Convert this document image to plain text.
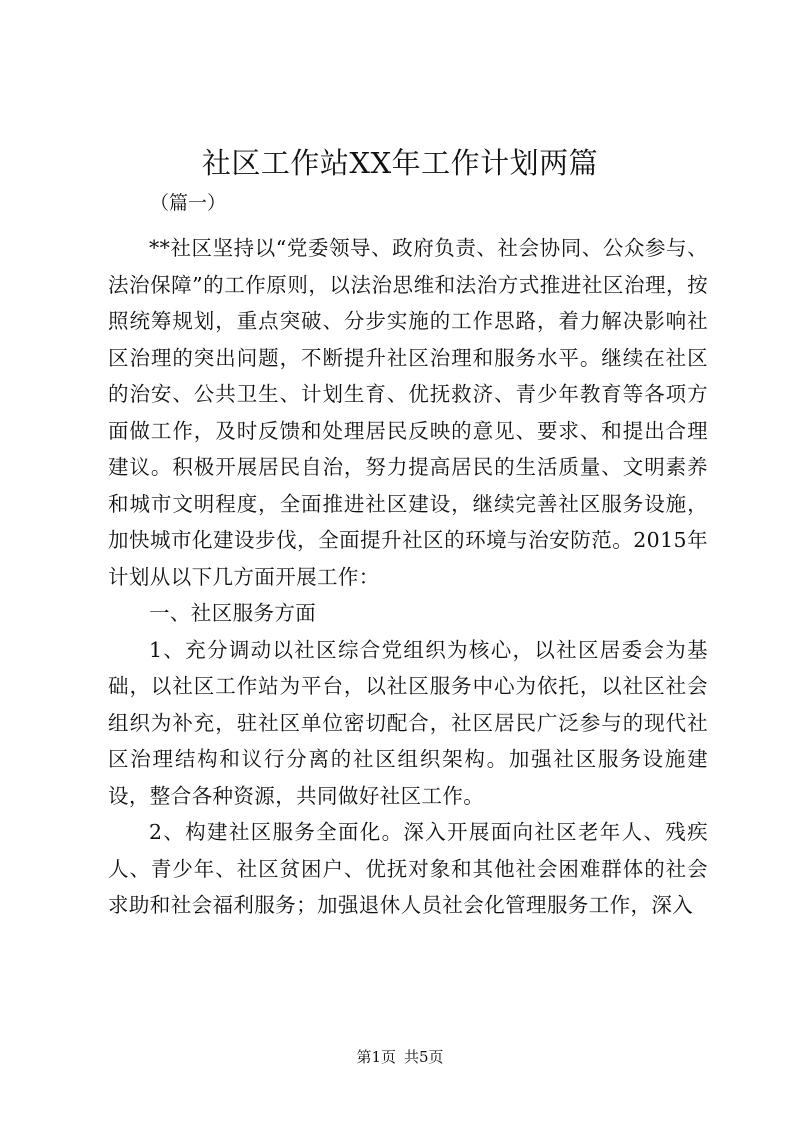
社区工作站XX年工作计划两篇

（篇一）

**社区坚持以“党委领导、政府负责、社会协同、公众参与、法治保障”的工作原则，以法治思维和法治方式推进社区治理，按照统筹规划，重点突破、分步实施的工作思路，着力解决影响社区治理的突出问题，不断提升社区治理和服务水平。继续在社区的治安、公共卫生、计划生育、优抚救济、青少年教育等各项方面做工作，及时反馈和处理居民反映的意见、要求、和提出合理建议。积极开展居民自治，努力提高居民的生活质量、文明素养和城市文明程度，全面推进社区建设，继续完善社区服务设施，加快城市化建设步伐，全面提升社区的环境与治安防范。2015年计划从以下几方面开展工作：

一、社区服务方面

1、充分调动以社区综合党组织为核心，以社区居委会为基础，以社区工作站为平台，以社区服务中心为依托，以社区社会组织为补充，驻社区单位密切配合，社区居民广泛参与的现代社区治理结构和议行分离的社区组织架构。加强社区服务设施建设，整合各种资源，共同做好社区工作。

2、构建社区服务全面化。深入开展面向社区老年人、残疾人、青少年、社区贫困户、优抚对象和其他社会困难群体的社会求助和社会福利服务；加强退休人员社会化管理服务工作，深入

第1页 共5页
